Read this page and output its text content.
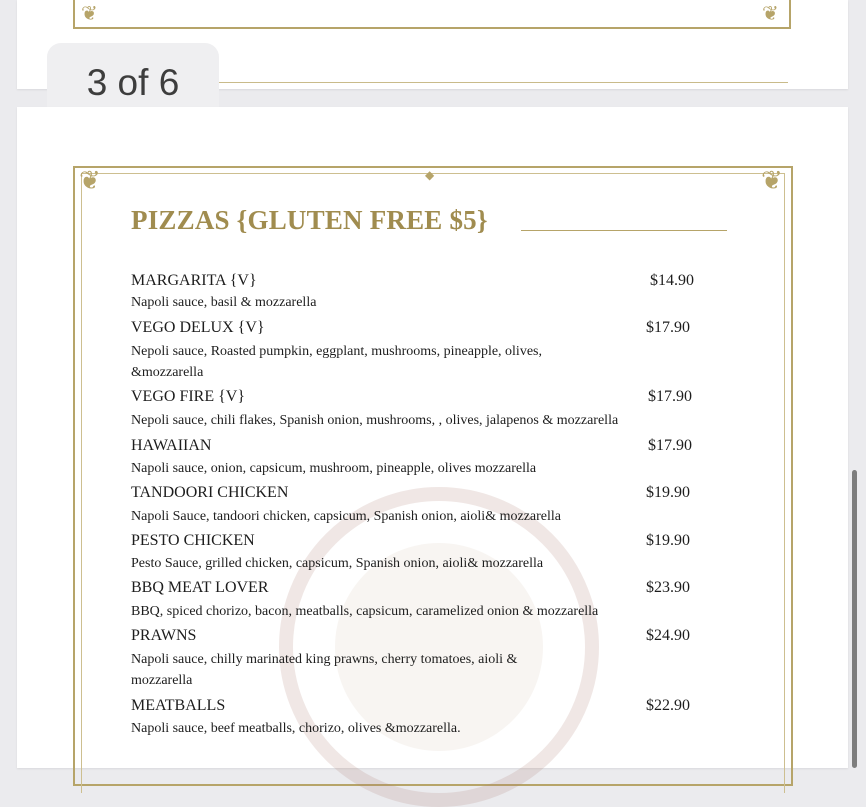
❦	❦
3 of 6
❦	❦
◆
PIZZAS {GLUTEN FREE $5}
MARGARITA {V}	$14.90
Napoli sauce, basil & mozzarella
VEGO DELUX {V}	$17.90
Nepoli sauce, Roasted pumpkin, eggplant, mushrooms, pineapple, olives, &mozzarella
VEGO FIRE {V}	$17.90
Nepoli sauce, chili flakes, Spanish onion, mushrooms, , olives, jalapenos & mozzarella
HAWAIIAN	$17.90
Napoli sauce, onion, capsicum, mushroom, pineapple, olives mozzarella
TANDOORI CHICKEN	$19.90
Napoli Sauce, tandoori chicken, capsicum, Spanish onion, aioli& mozzarella
PESTO CHICKEN	$19.90
Pesto Sauce, grilled chicken, capsicum, Spanish onion, aioli& mozzarella
BBQ MEAT LOVER	$23.90
BBQ, spiced chorizo, bacon, meatballs, capsicum, caramelized onion & mozzarella
PRAWNS	$24.90
Napoli sauce, chilly marinated king prawns, cherry tomatoes, aioli & mozzarella
MEATBALLS	$22.90
Napoli sauce, beef meatballs, chorizo, olives &mozzarella.
